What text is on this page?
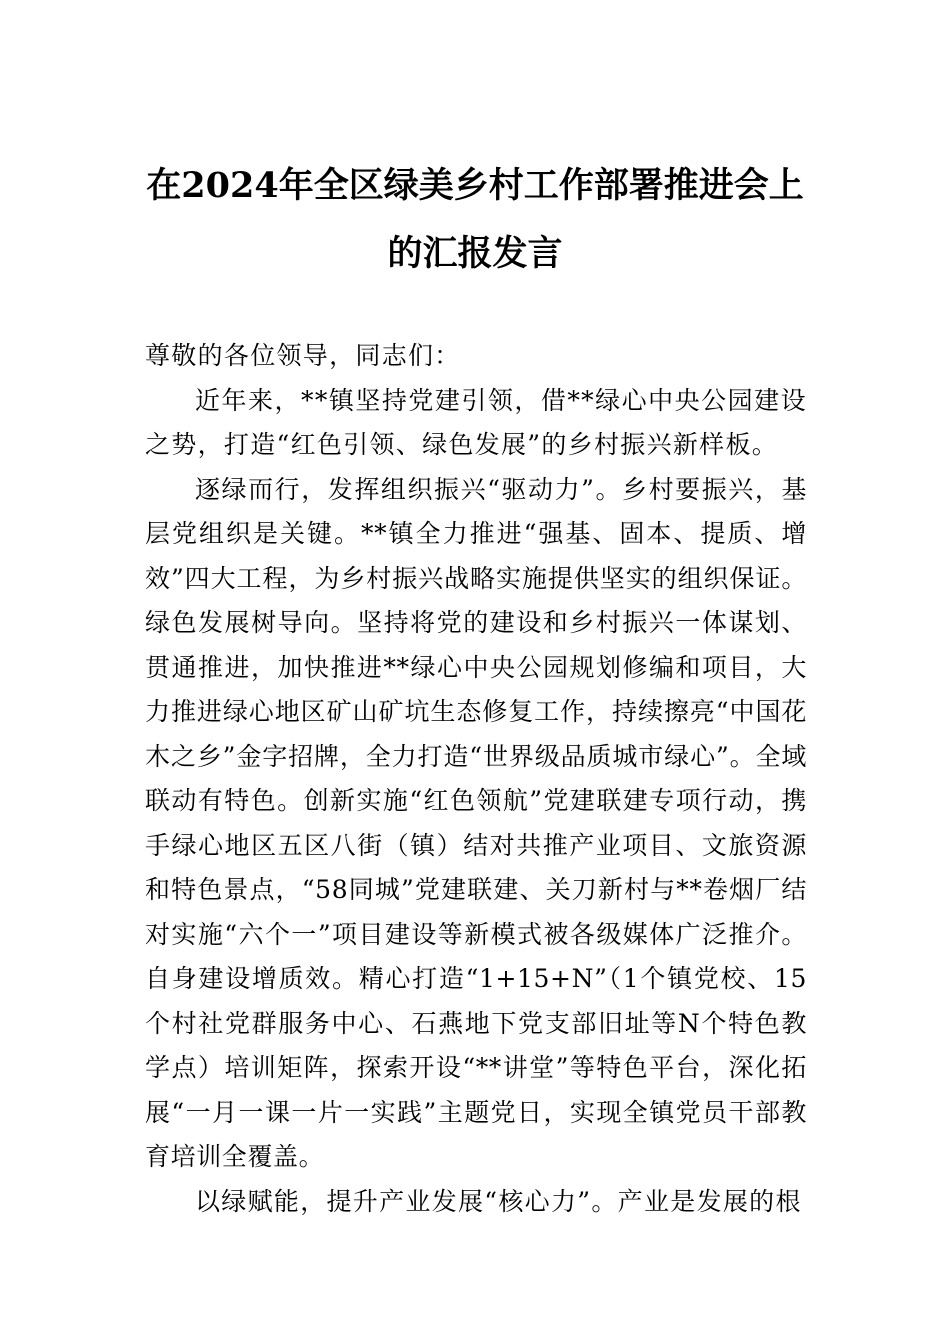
在2024年全区绿美乡村工作部署推进会上
的汇报发言

尊敬的各位领导，同志们：

近年来，**镇坚持党建引领，借**绿心中央公园建设之势，打造“红色引领、绿色发展”的乡村振兴新样板。

逐绿而行，发挥组织振兴“驱动力”。乡村要振兴，基层党组织是关键。**镇全力推进“强基、固本、提质、增效”四大工程，为乡村振兴战略实施提供坚实的组织保证。绿色发展树导向。坚持将党的建设和乡村振兴一体谋划、贯通推进，加快推进**绿心中央公园规划修编和项目，大力推进绿心地区矿山矿坑生态修复工作，持续擦亮“中国花木之乡”金字招牌，全力打造“世界级品质城市绿心”。全域联动有特色。创新实施“红色领航”党建联建专项行动，携手绿心地区五区八街（镇）结对共推产业项目、文旅资源和特色景点，“58同城”党建联建、关刀新村与**卷烟厂结对实施“六个一”项目建设等新模式被各级媒体广泛推介。自身建设增质效。精心打造“1+15+N”（1个镇党校、15个村社党群服务中心、石燕地下党支部旧址等N个特色教学点）培训矩阵，探索开设“**讲堂”等特色平台，深化拓展“一月一课一片一实践”主题党日，实现全镇党员干部教育培训全覆盖。

以绿赋能，提升产业发展“核心力”。产业是发展的根
